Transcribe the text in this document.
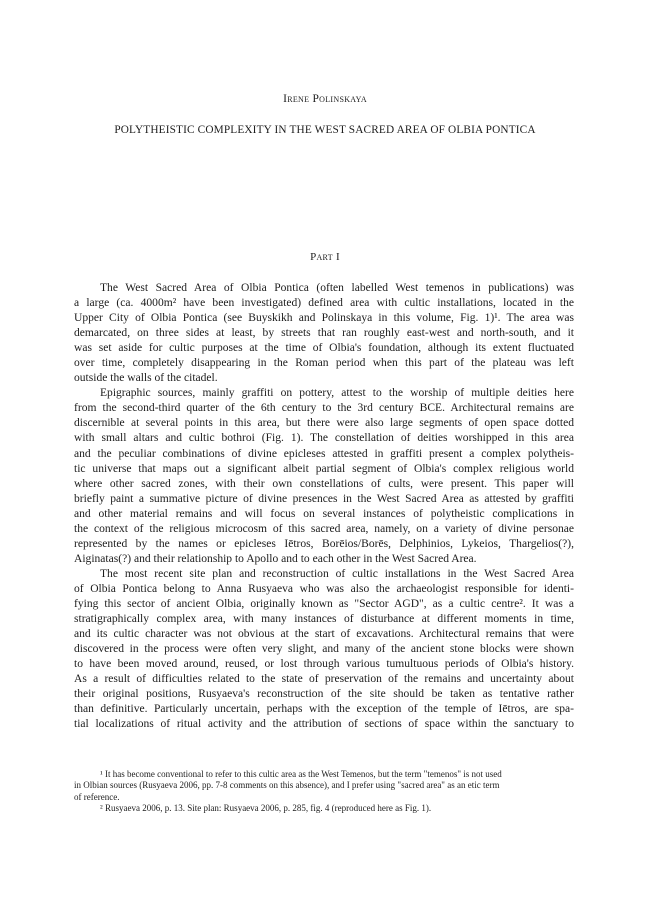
Irene Polinskaya
POLYTHEISTIC COMPLEXITY IN THE WEST SACRED AREA OF OLBIA PONTICA
Part I
The West Sacred Area of Olbia Pontica (often labelled West temenos in publications) was
a large (ca. 4000m² have been investigated) defined area with cultic installations, located in the
Upper City of Olbia Pontica (see Buyskikh and Polinskaya in this volume, Fig. 1)¹. The area was
demarcated, on three sides at least, by streets that ran roughly east-west and north-south, and it
was set aside for cultic purposes at the time of Olbia's foundation, although its extent fluctuated
over time, completely disappearing in the Roman period when this part of the plateau was left
outside the walls of the citadel.
Epigraphic sources, mainly graffiti on pottery, attest to the worship of multiple deities here
from the second-third quarter of the 6th century to the 3rd century BCE. Architectural remains are
discernible at several points in this area, but there were also large segments of open space dotted
with small altars and cultic bothroi (Fig. 1). The constellation of deities worshipped in this area
and the peculiar combinations of divine epicleses attested in graffiti present a complex polytheis-
tic universe that maps out a significant albeit partial segment of Olbia's complex religious world
where other sacred zones, with their own constellations of cults, were present. This paper will
briefly paint a summative picture of divine presences in the West Sacred Area as attested by graffiti
and other material remains and will focus on several instances of polytheistic complications in
the context of the religious microcosm of this sacred area, namely, on a variety of divine personae
represented by the names or epicleses Iētros, Borēios/Borēs, Delphinios, Lykeios, Thargelios(?),
Aiginatas(?) and their relationship to Apollo and to each other in the West Sacred Area.
The most recent site plan and reconstruction of cultic installations in the West Sacred Area
of Olbia Pontica belong to Anna Rusyaeva who was also the archaeologist responsible for identi-
fying this sector of ancient Olbia, originally known as "Sector AGD", as a cultic centre². It was a
stratigraphically complex area, with many instances of disturbance at different moments in time,
and its cultic character was not obvious at the start of excavations. Architectural remains that were
discovered in the process were often very slight, and many of the ancient stone blocks were shown
to have been moved around, reused, or lost through various tumultuous periods of Olbia's history.
As a result of difficulties related to the state of preservation of the remains and uncertainty about
their original positions, Rusyaeva's reconstruction of the site should be taken as tentative rather
than definitive. Particularly uncertain, perhaps with the exception of the temple of Iētros, are spa-
tial localizations of ritual activity and the attribution of sections of space within the sanctuary to
¹ It has become conventional to refer to this cultic area as the West Temenos, but the term "temenos" is not used
in Olbian sources (Rusyaeva 2006, pp. 7-8 comments on this absence), and I prefer using "sacred area" as an etic term
of reference.
² Rusyaeva 2006, p. 13. Site plan: Rusyaeva 2006, p. 285, fig. 4 (reproduced here as Fig. 1).
